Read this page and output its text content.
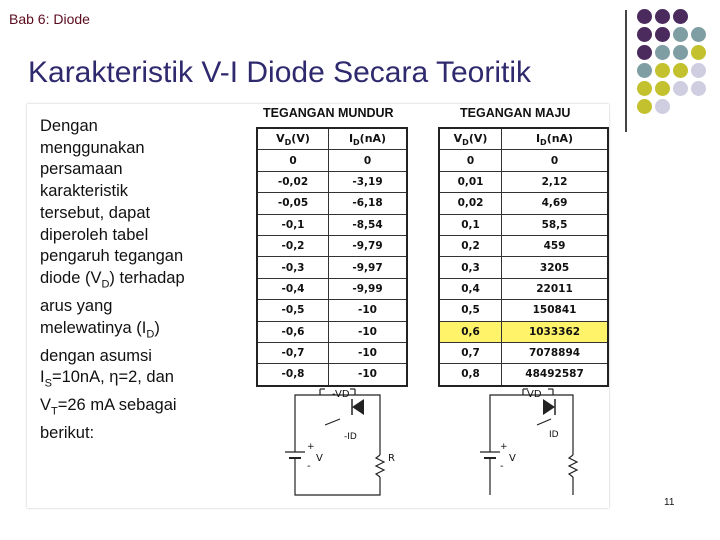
Bab 6: Diode
Karakteristik V-I Diode Secara Teoritik
Dengan
menggunakan
persamaan
karakteristik
tersebut, dapat
diperoleh tabel
pengaruh tegangan
diode $(V_D)$ terhadap
arus yang
melewatinya $(I_D)$
dengan asumsi
$I_S=10nA$, η=2, dan
$V_T=26$ mA sebagai
berikut:
TEGANGAN MUNDUR	TEGANGAN MAJU
$V_D(V)$	$I_D(nA)$
0	0
-0,02	-3,19
-0,05	-6,18
-0,1	-8,54
-0,2	-9,79
-0,3	-9,97
-0,4	-9,99
-0,5	-10
-0,6	-10
-0,7	-10
-0,8	-10
$V_D(V)$	$I_D(nA)$
0	0
0,01	2,12
0,02	4,69
0,1	58,5
0,2	459
0,3	3205
0,4	22011
0,5	150841
0,6	1033362
0,7	7078894
0,8	48492587
-VD
-ID
+
-
V	R
VD
ID
+
-
V
11
